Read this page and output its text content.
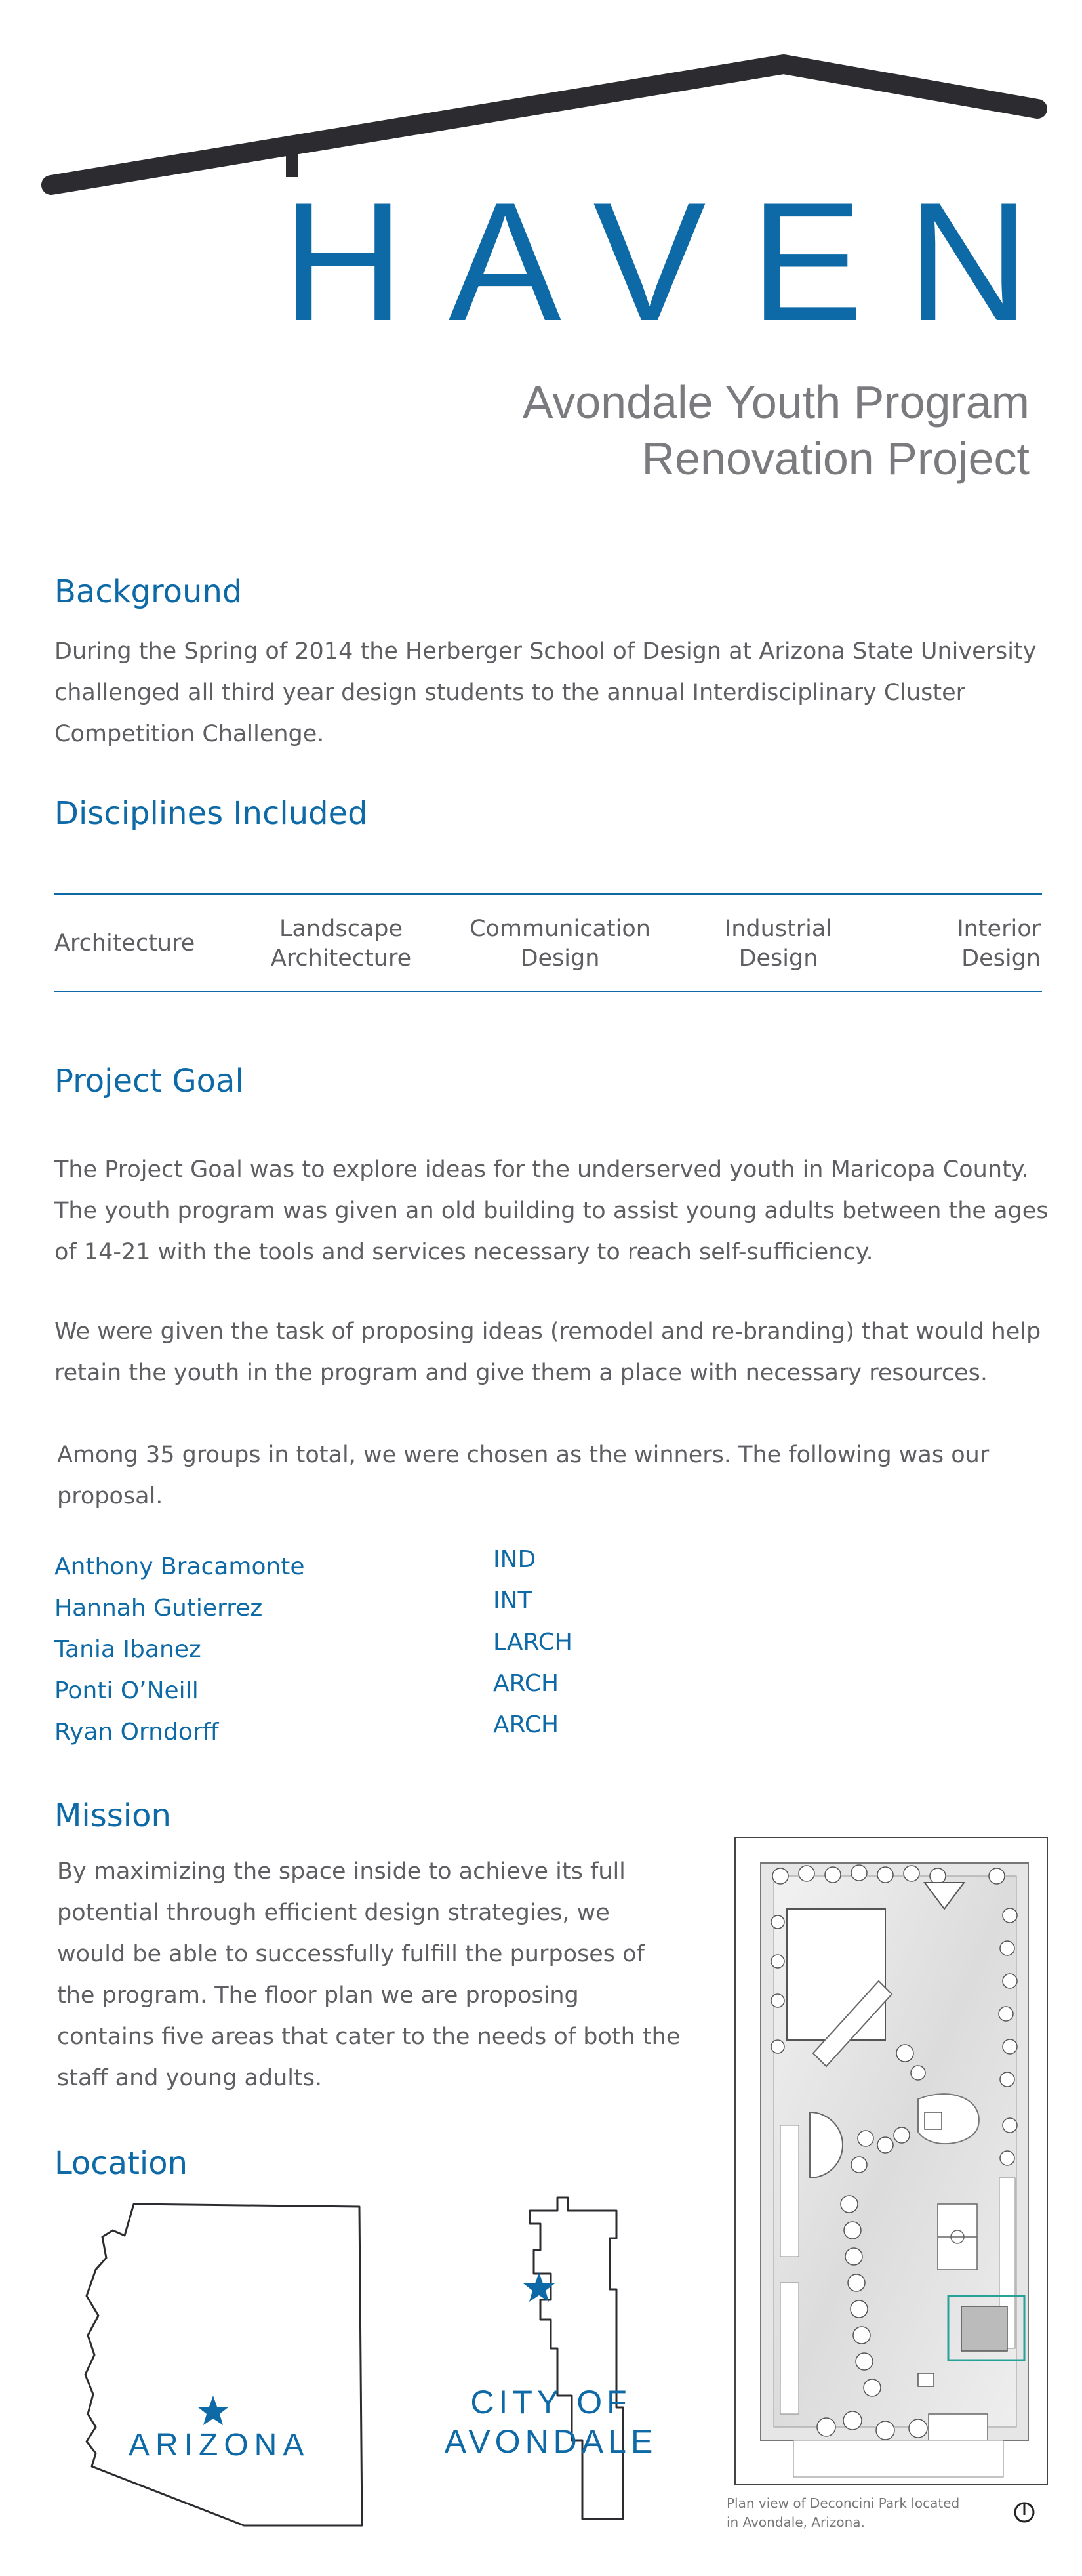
HAVEN
Avondale Youth Program
Renovation Project
Background
During the Spring of 2014 the Herberger School of Design at Arizona State University
challenged all third year design students to the annual Interdisciplinary Cluster
Competition Challenge.
Disciplines Included
Architecture
Landscape
Architecture
Communication
Design
Industrial
Design
Interior
Design
Project Goal
The Project Goal was to explore ideas for the underserved youth in Maricopa County.
The youth program was given an old building to assist young adults between the ages
of 14-21 with the tools and services necessary to reach self-sufficiency.
We were given the task of proposing ideas (remodel and re-branding) that would help
retain the youth in the program and give them a place with necessary resources.
Among 35 groups in total, we were chosen as the winners. The following was our
proposal.
Anthony Bracamonte
Hannah Gutierrez
Tania Ibanez
Ponti O’Neill
Ryan Orndorff
IND
INT
LARCH
ARCH
ARCH
Mission
By maximizing the space inside to achieve its full
potential through efficient design strategies, we
would be able to successfully fulfill the purposes of
the program. The floor plan we are proposing
contains five areas that cater to the needs of both the
staff and young adults.
Location
ARIZONA
CITY OF
AVONDALE
Plan view of Deconcini Park located
in Avondale, Arizona.
